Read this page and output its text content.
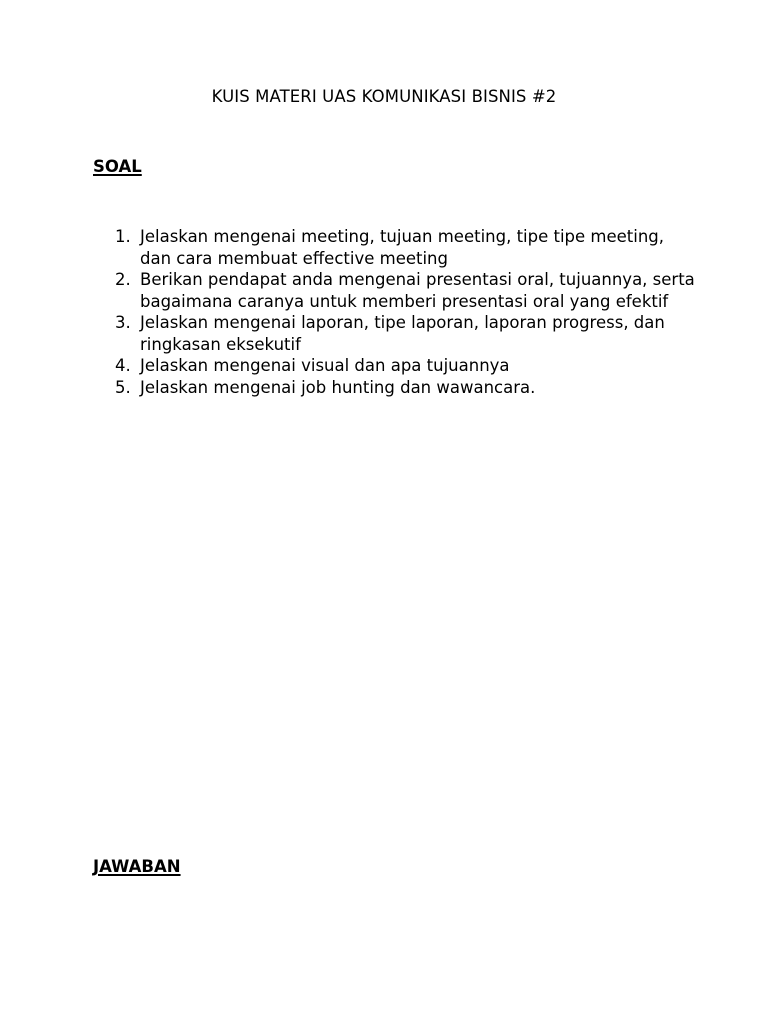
KUIS MATERI UAS KOMUNIKASI BISNIS #2
SOAL
1. Jelaskan mengenai meeting, tujuan meeting, tipe tipe meeting, dan cara membuat effective meeting
2. Berikan pendapat anda mengenai presentasi oral, tujuannya, serta bagaimana caranya untuk memberi presentasi oral yang efektif
3. Jelaskan mengenai laporan, tipe laporan, laporan progress, dan ringkasan eksekutif
4. Jelaskan mengenai visual dan apa tujuannya
5. Jelaskan mengenai job hunting dan wawancara.
JAWABAN
